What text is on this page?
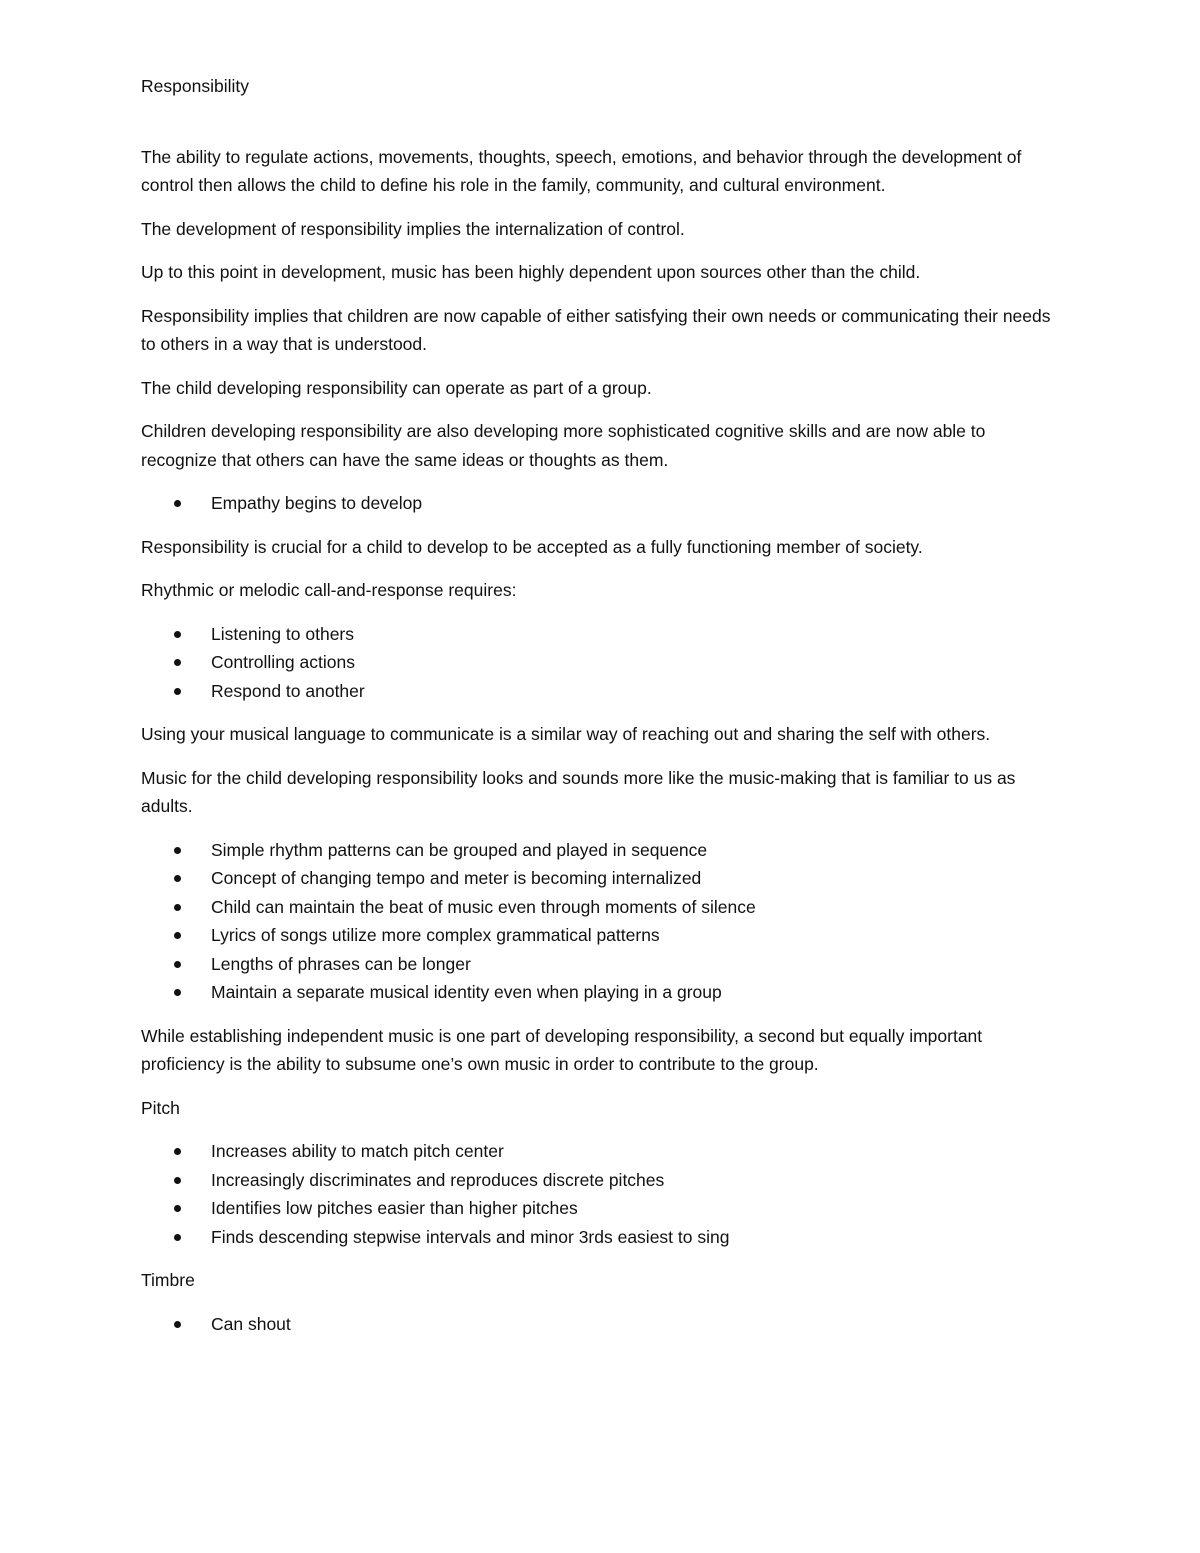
Responsibility

The ability to regulate actions, movements, thoughts, speech, emotions, and behavior through the development of control then allows the child to define his role in the family, community, and cultural environment.

The development of responsibility implies the internalization of control.

Up to this point in development, music has been highly dependent upon sources other than the child.

Responsibility implies that children are now capable of either satisfying their own needs or communicating their needs to others in a way that is understood.

The child developing responsibility can operate as part of a group.

Children developing responsibility are also developing more sophisticated cognitive skills and are now able to recognize that others can have the same ideas or thoughts as them.

Empathy begins to develop

Responsibility is crucial for a child to develop to be accepted as a fully functioning member of society.

Rhythmic or melodic call-and-response requires:

Listening to others
Controlling actions
Respond to another

Using your musical language to communicate is a similar way of reaching out and sharing the self with others.

Music for the child developing responsibility looks and sounds more like the music-making that is familiar to us as adults.

Simple rhythm patterns can be grouped and played in sequence
Concept of changing tempo and meter is becoming internalized
Child can maintain the beat of music even through moments of silence
Lyrics of songs utilize more complex grammatical patterns
Lengths of phrases can be longer
Maintain a separate musical identity even when playing in a group

While establishing independent music is one part of developing responsibility, a second but equally important proficiency is the ability to subsume one’s own music in order to contribute to the group.

Pitch

Increases ability to match pitch center
Increasingly discriminates and reproduces discrete pitches
Identifies low pitches easier than higher pitches
Finds descending stepwise intervals and minor 3rds easiest to sing

Timbre

Can shout
